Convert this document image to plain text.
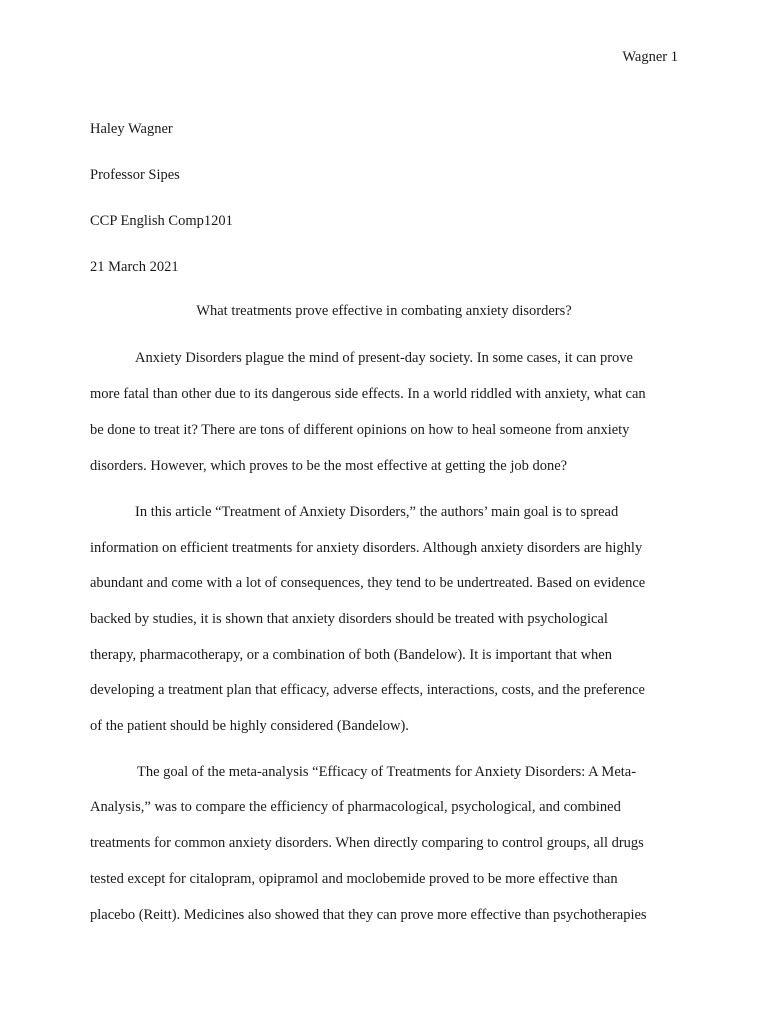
Wagner 1
Haley Wagner
Professor Sipes
CCP English Comp1201
21 March 2021
What treatments prove effective in combating anxiety disorders?
Anxiety Disorders plague the mind of present-day society. In some cases, it can prove
more fatal than other due to its dangerous side effects. In a world riddled with anxiety, what can
be done to treat it? There are tons of different opinions on how to heal someone from anxiety
disorders. However, which proves to be the most effective at getting the job done?
In this article “Treatment of Anxiety Disorders,” the authors’ main goal is to spread
information on efficient treatments for anxiety disorders. Although anxiety disorders are highly
abundant and come with a lot of consequences, they tend to be undertreated. Based on evidence
backed by studies, it is shown that anxiety disorders should be treated with psychological
therapy, pharmacotherapy, or a combination of both (Bandelow). It is important that when
developing a treatment plan that efficacy, adverse effects, interactions, costs, and the preference
of the patient should be highly considered (Bandelow).
The goal of the meta-analysis “Efficacy of Treatments for Anxiety Disorders: A Meta-
Analysis,” was to compare the efficiency of pharmacological, psychological, and combined
treatments for common anxiety disorders. When directly comparing to control groups, all drugs
tested except for citalopram, opipramol and moclobemide proved to be more effective than
placebo (Reitt). Medicines also showed that they can prove more effective than psychotherapies
